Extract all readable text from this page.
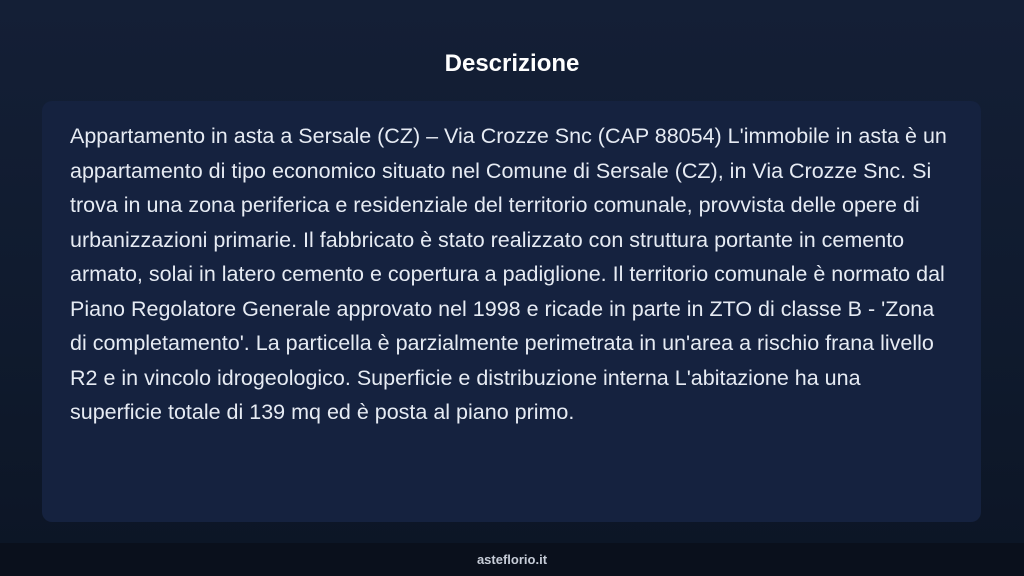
Descrizione

Appartamento in asta a Sersale (CZ) – Via Crozze Snc (CAP 88054) L'immobile in asta è un appartamento di tipo economico situato nel Comune di Sersale (CZ), in Via Crozze Snc. Si trova in una zona periferica e residenziale del territorio comunale, provvista delle opere di urbanizzazioni primarie. Il fabbricato è stato realizzato con struttura portante in cemento armato, solai in latero cemento e copertura a padiglione. Il territorio comunale è normato dal Piano Regolatore Generale approvato nel 1998 e ricade in parte in ZTO di classe B - 'Zona di completamento'. La particella è parzialmente perimetrata in un'area a rischio frana livello R2 e in vincolo idrogeologico. Superficie e distribuzione interna L'abitazione ha una superficie totale di 139 mq ed è posta al piano primo.

asteflorio.it
